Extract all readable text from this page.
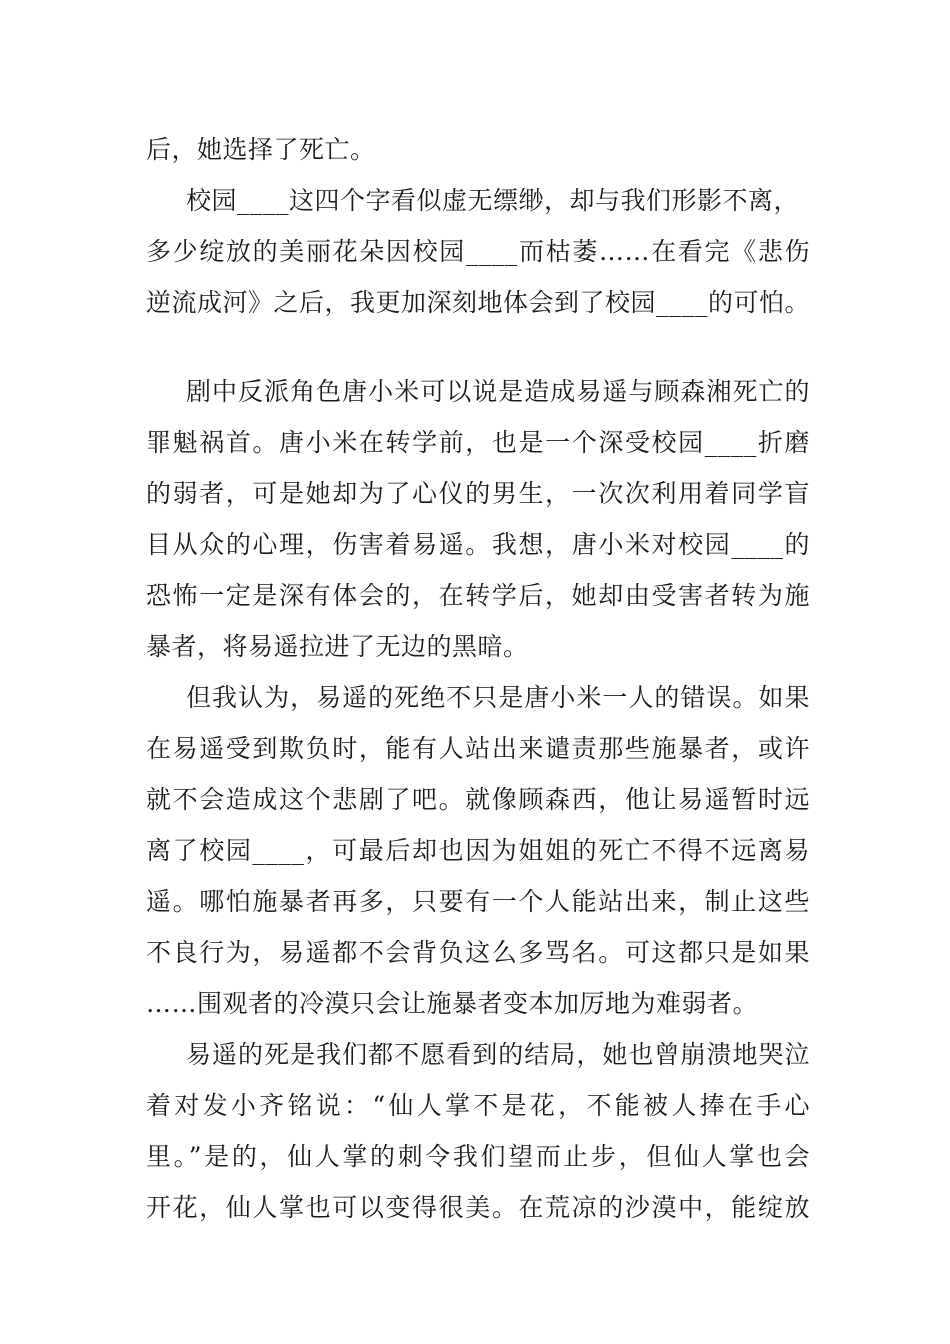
后，她选择了死亡。
校园____这四个字看似虚无缥缈，却与我们形影不离，
多少绽放的美丽花朵因校园____而枯萎……在看完《悲伤
逆流成河》之后，我更加深刻地体会到了校园____的可怕。
剧中反派角色唐小米可以说是造成易遥与顾森湘死亡的
罪魁祸首。唐小米在转学前，也是一个深受校园____折磨
的弱者，可是她却为了心仪的男生，一次次利用着同学盲
目从众的心理，伤害着易遥。我想，唐小米对校园____的
恐怖一定是深有体会的，在转学后，她却由受害者转为施
暴者，将易遥拉进了无边的黑暗。
但我认为，易遥的死绝不只是唐小米一人的错误。如果
在易遥受到欺负时，能有人站出来谴责那些施暴者，或许
就不会造成这个悲剧了吧。就像顾森西，他让易遥暂时远
离了校园____，可最后却也因为姐姐的死亡不得不远离易
遥。哪怕施暴者再多，只要有一个人能站出来，制止这些
不良行为，易遥都不会背负这么多骂名。可这都只是如果
……围观者的冷漠只会让施暴者变本加厉地为难弱者。
易遥的死是我们都不愿看到的结局，她也曾崩溃地哭泣
着对发小齐铭说：“仙人掌不是花，不能被人捧在手心
里。”是的，仙人掌的刺令我们望而止步，但仙人掌也会
开花，仙人掌也可以变得很美。在荒凉的沙漠中，能绽放
